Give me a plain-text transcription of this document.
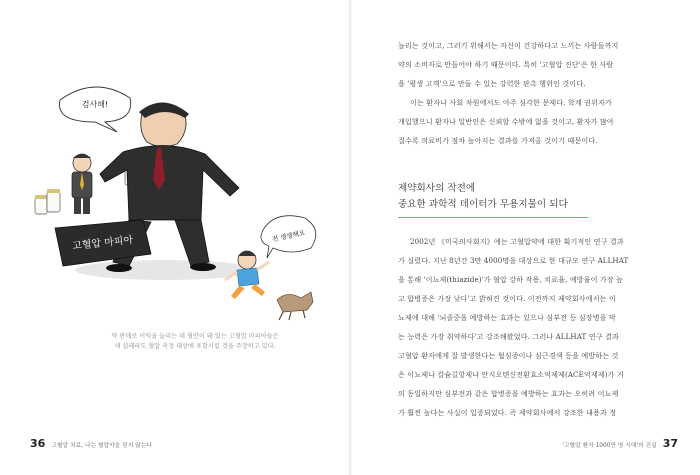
검사해!
고혈압 마피아	전 생생해요

약 판매로 이익을 늘리는 데 혈안이 돼 있는 고혈압 마피아들은

새 실패라도 혈압 측정 대상에 포함시킬 것을 주장하고 있다.

36 고혈압 치료, 나는 혈압약을 믿지 않는다

늘리는 것이고, 그러기 위해서는 자신이 건강하다고 느끼는 사람들까지

약의 소비자로 만들어야 하기 때문이다. 특히 '고혈압 진단'은 한 사람

을 '평생 고객'으로 만들 수 있는 강력한 판촉 행위인 것이다.

이는 환자나 사회 차원에서도 아주 심각한 문제다. 학계 권위자가

개입했으니 환자나 일반인은 신뢰할 수밖에 없을 것이고, 환자가 많아

질수록 의료비가 점차 높아지는 결과를 가져올 것이기 때문이다.

제약회사의 작전에

중요한 과학적 데이터가 무용지물이 되다

2002년 《미국의사회지》에는 고혈압약에 대한 획기적인 연구 결과

가 실렸다. 지난 8년간 3만 4000명을 대상으로 한 대규모 연구 ALLHAT

을 통해 '이뇨제(thiazide)'가 혈압 강하 작용, 치료율, 예방율이 가장 높

고 합병증은 가장 낮다'고 밝혀진 것이다. 이전까지 제약회사에서는 이

뇨제에 대해 '뇌졸중을 예방하는 효과는 있으나 심부전 등 심장병을 막

는 능력은 가장 취약하다'고 강조해왔었다. 그러나 ALLHAT 연구 결과

고혈압 환자에게 잘 발생한다는 협심증이나 심근경색 등을 예방하는 것

은 이뇨제나 칼슘길항제나 안지오텐신전환효소억제제(ACE억제제)가 거

의 동일하지만 심부전과 같은 합병증을 예방하는 효과는 오히려 이뇨제

가 훨씬 높다는 사실이 입증되었다. 즉 제약회사에서 강조한 내용과 정

'고혈압 환자 1000만 명 시대'의 진실 37
